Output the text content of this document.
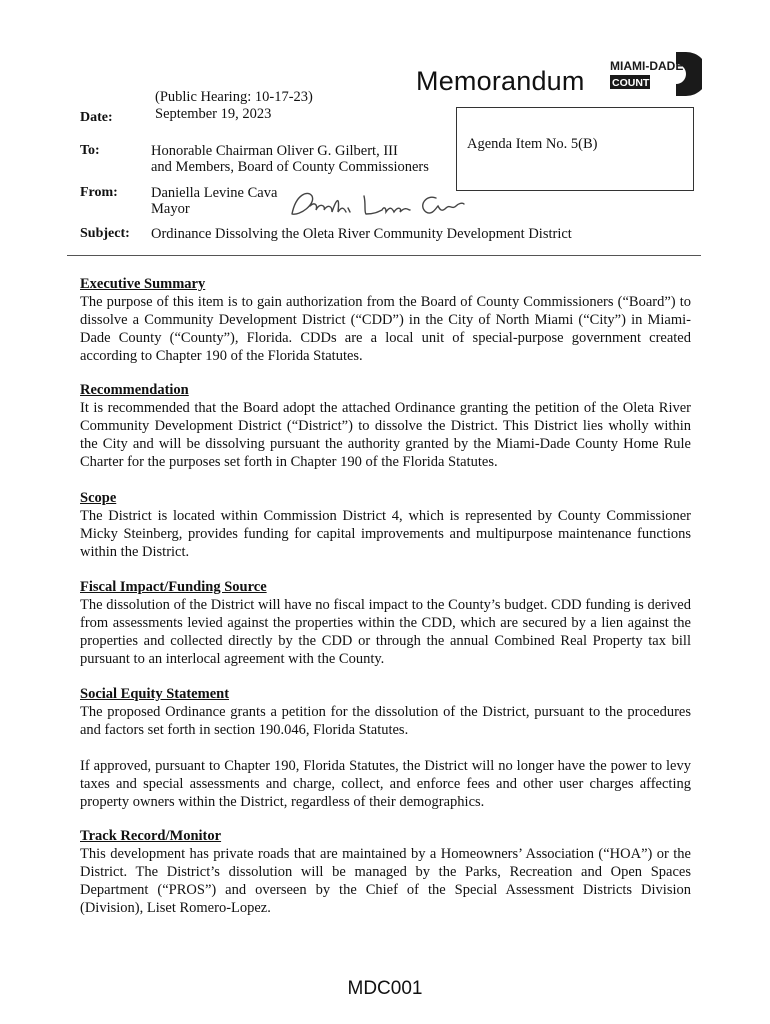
Memorandum MIAMI-DADE
COUNTY
Date:
(Public Hearing: 10-17-23)
September 19, 2023
Agenda Item No. 5(B)
To:	Honorable Chairman Oliver G. Gilbert, III
and Members, Board of County Commissioners
From: Daniella Levine Cava
Mayor
Subject: Ordinance Dissolving the Oleta River Community Development District
Executive Summary

The purpose of this item is to gain authorization from the Board of County Commissioners (“Board”) to dissolve a Community Development District (“CDD”) in the City of North Miami (“City”) in Miami-Dade County (“County”), Florida. CDDs are a local unit of special-purpose government created according to Chapter 190 of the Florida Statutes.

Recommendation

It is recommended that the Board adopt the attached Ordinance granting the petition of the Oleta River Community Development District (“District”) to dissolve the District. This District lies wholly within the City and will be dissolving pursuant the authority granted by the Miami-Dade County Home Rule Charter for the purposes set forth in Chapter 190 of the Florida Statutes.

Scope

The District is located within Commission District 4, which is represented by County Commissioner Micky Steinberg, provides funding for capital improvements and multipurpose maintenance functions within the District.

Fiscal Impact/Funding Source

The dissolution of the District will have no fiscal impact to the County’s budget. CDD funding is derived from assessments levied against the properties within the CDD, which are secured by a lien against the properties and collected directly by the CDD or through the annual Combined Real Property tax bill pursuant to an interlocal agreement with the County.

Social Equity Statement

The proposed Ordinance grants a petition for the dissolution of the District, pursuant to the procedures and factors set forth in section 190.046, Florida Statutes.

If approved, pursuant to Chapter 190, Florida Statutes, the District will no longer have the power to levy taxes and special assessments and charge, collect, and enforce fees and other user charges affecting property owners within the District, regardless of their demographics.

Track Record/Monitor

This development has private roads that are maintained by a Homeowners’ Association (“HOA”) or the District. The District’s dissolution will be managed by the Parks, Recreation and Open Spaces Department (“PROS”) and overseen by the Chief of the Special Assessment Districts Division (Division), Liset Romero-Lopez.

MDC001
